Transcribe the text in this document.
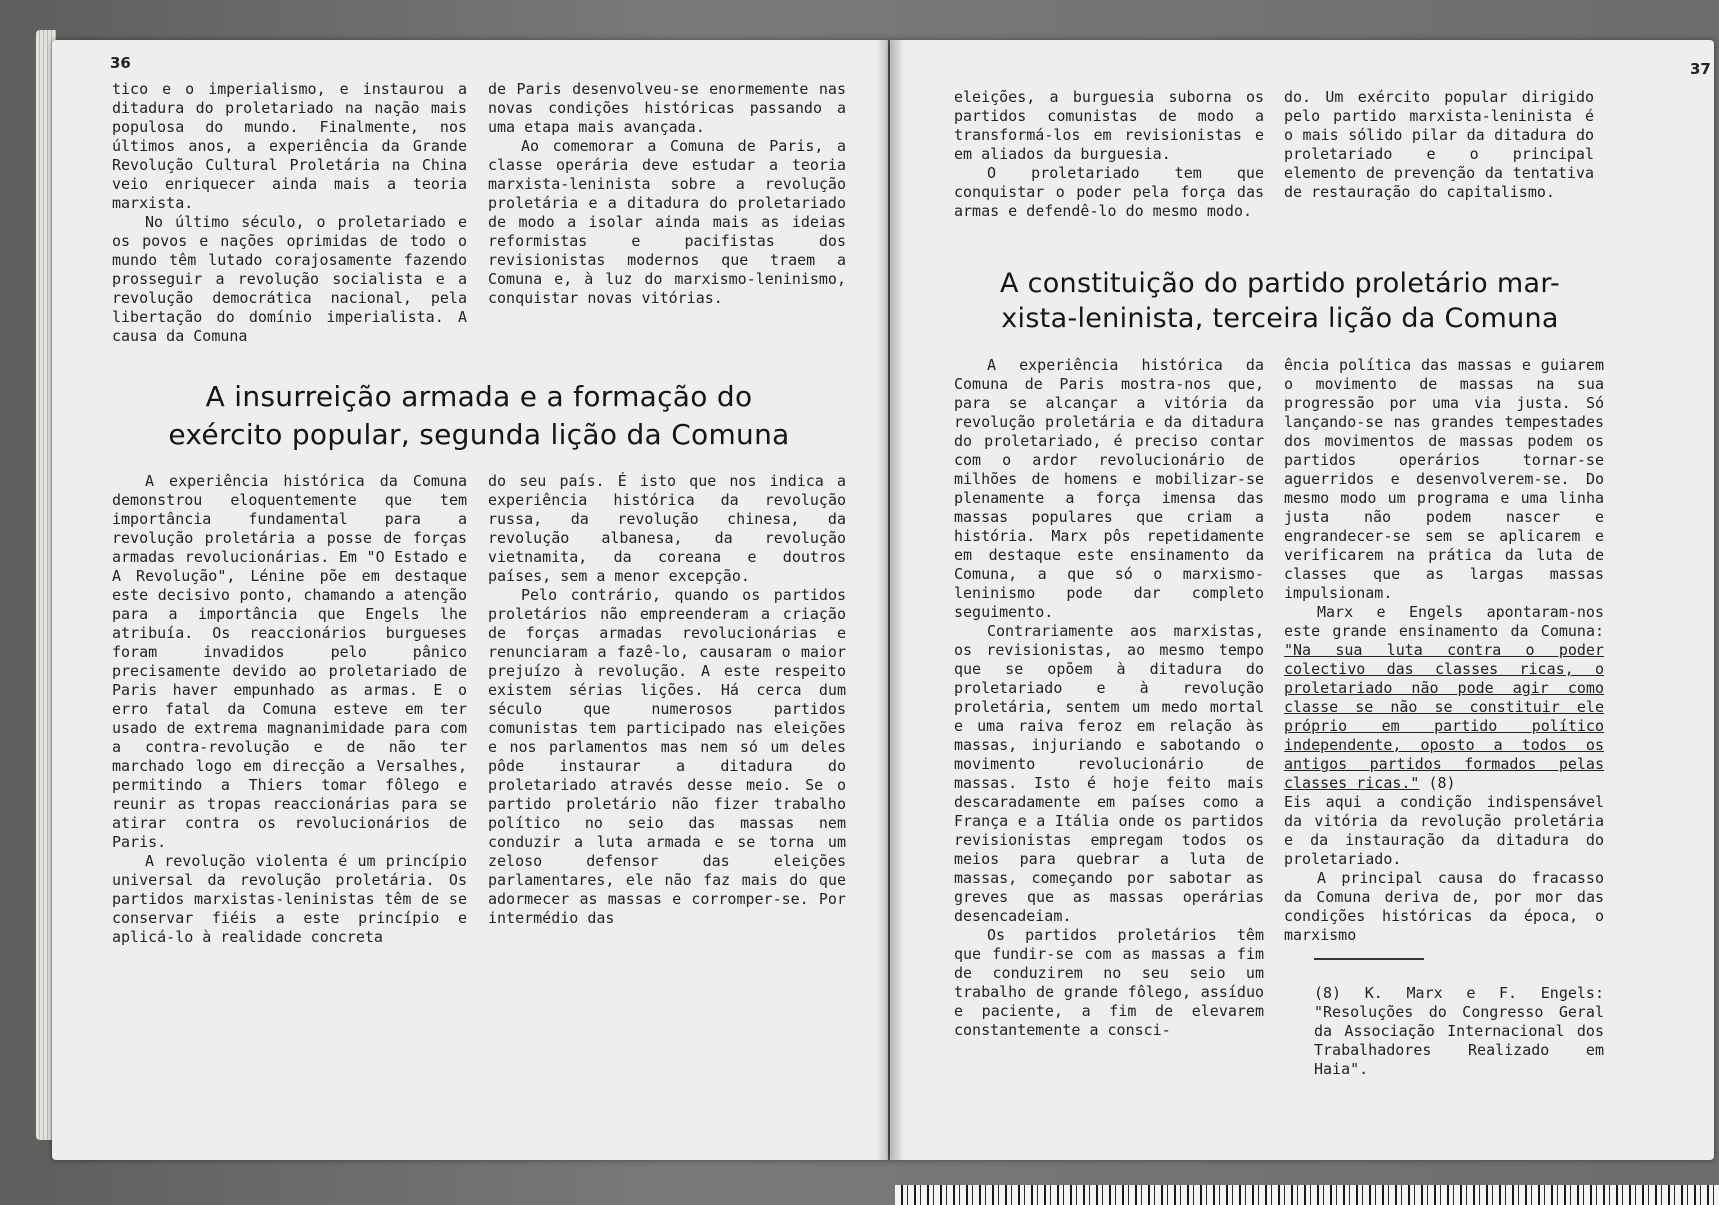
36

tico e o imperialismo, e instaurou a ditadura do proletariado na nação mais populosa do mundo. Finalmente, nos últimos anos, a experiência da Grande Revolução Cultural Proletária na China veio enriquecer ainda mais a teoria marxista.

No último século, o proletariado e os povos e nações oprimidas de todo o mundo têm lutado corajosamente fazendo prosseguir a revolução socialista e a revolução democrática nacional, pela libertação do domínio imperialista. A causa da Comuna

de Paris desenvolveu-se enormemente nas novas condições históricas passando a uma etapa mais avançada.

Ao comemorar a Comuna de Paris, a classe operária deve estudar a teoria marxista-leninista sobre a revolução proletária e a ditadura do proletariado de modo a isolar ainda mais as ideias reformistas e pacifistas dos revisionistas modernos que traem a Comuna e, à luz do marxismo-leninismo, conquistar novas vitórias.

A insurreição armada e a formação do
exército popular, segunda lição da Comuna

A experiência histórica da Comuna demonstrou eloquentemente que tem importância fundamental para a revolução proletária a posse de forças armadas revolucionárias. Em "O Estado e A Revolução", Lénine põe em destaque este decisivo ponto, chamando a atenção para a importância que Engels lhe atribuía. Os reaccionários burgueses foram invadidos pelo pânico precisamente devido ao proletariado de Paris haver empunhado as armas. E o erro fatal da Comuna esteve em ter usado de extrema magnanimidade para com a contra-revolução e de não ter marchado logo em direcção a Versalhes, permitindo a Thiers tomar fôlego e reunir as tropas reaccionárias para se atirar contra os revolucionários de Paris.

A revolução violenta é um princípio universal da revolução proletária. Os partidos marxistas-leninistas têm de se conservar fiéis a este princípio e aplicá-lo à realidade concreta

do seu país. É isto que nos indica a experiência histórica da revolução russa, da revolução chinesa, da revolução albanesa, da revolução vietnamita, da coreana e doutros países, sem a menor excepção.

Pelo contrário, quando os partidos proletários não empreenderam a criação de forças armadas revolucionárias e renunciaram a fazê-lo, causaram o maior prejuízo à revolução. A este respeito existem sérias lições. Há cerca dum século que numerosos partidos comunistas tem participado nas eleições e nos parlamentos mas nem só um deles pôde instaurar a ditadura do proletariado através desse meio. Se o partido proletário não fizer trabalho político no seio das massas nem conduzir a luta armada e se torna um zeloso defensor das eleições parlamentares, ele não faz mais do que adormecer as massas e corromper-se. Por intermédio das

37

eleições, a burguesia suborna os partidos comunistas de modo a transformá-los em revisionistas e em aliados da burguesia.

O proletariado tem que conquistar o poder pela força das armas e defendê-lo do mesmo modo.

do. Um exército popular dirigido pelo partido marxista-leninista é o mais sólido pilar da ditadura do proletariado e o principal elemento de prevenção da tentativa de restauração do capitalismo.

A constituição do partido proletário mar-
xista-leninista, terceira lição da Comuna

A experiência histórica da Comuna de Paris mostra-nos que, para se alcançar a vitória da revolução proletária e da ditadura do proletariado, é preciso contar com o ardor revolucionário de milhões de homens e mobilizar-se plenamente a força imensa das massas populares que criam a história. Marx pôs repetidamente em destaque este ensinamento da Comuna, a que só o marxismo-leninismo pode dar completo seguimento.

Contrariamente aos marxistas, os revisionistas, ao mesmo tempo que se opõem à ditadura do proletariado e à revolução proletária, sentem um medo mortal e uma raiva feroz em relação às massas, injuriando e sabotando o movimento revolucionário de massas. Isto é hoje feito mais descaradamente em países como a França e a Itália onde os partidos revisionistas empregam todos os meios para quebrar a luta de massas, começando por sabotar as greves que as massas operárias desencadeiam.

Os partidos proletários têm que fundir-se com as massas a fim de conduzirem no seu seio um trabalho de grande fôlego, assíduo e paciente, a fim de elevarem constantemente a consci-

ência política das massas e guiarem o movimento de massas na sua progressão por uma via justa. Só lançando-se nas grandes tempestades dos movimentos de massas podem os partidos operários tornar-se aguerridos e desenvolverem-se. Do mesmo modo um programa e uma linha justa não podem nascer e engrandecer-se sem se aplicarem e verificarem na prática da luta de classes que as largas massas impulsionam.

Marx e Engels apontaram-nos este grande ensinamento da Comuna: "Na sua luta contra o poder colectivo das classes ricas, o proletariado não pode agir como classe se não se constituir ele próprio em partido político independente, oposto a todos os antigos partidos formados pelas classes ricas." (8)

Eis aqui a condição indispensável da vitória da revolução proletária e da instauração da ditadura do proletariado.

A principal causa do fracasso da Comuna deriva de, por mor das condições históricas da época, o marxismo

(8) K. Marx e F. Engels: "Resoluções do Congresso Geral da Associação Internacional dos Trabalhadores Realizado em Haia".
